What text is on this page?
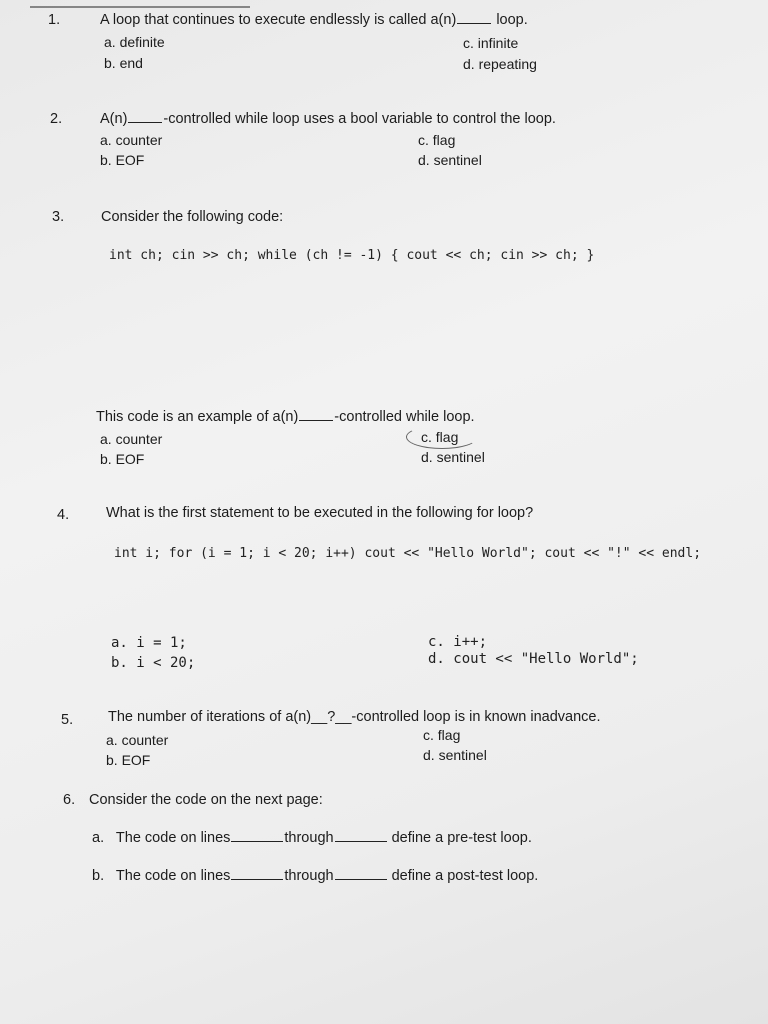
1.	A loop that continues to execute endlessly is called a(n)	loop.
a. definite
b. end
c. infinite
d. repeating
2.	A(n) -controlled while loop uses a bool variable to control the loop.
a. counter
b. EOF
c. flag
d. sentinel
3.	Consider the following code:
int ch; cin >> ch; while (ch != -1) { cout << ch; cin >> ch; }
This code is an example of a(n) -controlled while loop.
a. counter
b. EOF
c. flag
d. sentinel
4.	What is the first statement to be executed in the following for loop?
int i; for (i = 1; i < 20; i++) cout << "Hello World"; cout << "!" << endl;
a. i = 1;
b. i < 20;
c. i++;
d. cout << "Hello World";
5. The number of iterations of a(n)__?__-controlled loop is in known inadvance.
a. counter
b. EOF
c. flag
d. sentinel
6. Consider the code on the next page:
a. The code on lines	through	define a pre-test loop.
b. The code on lines	through	define a post-test loop.
